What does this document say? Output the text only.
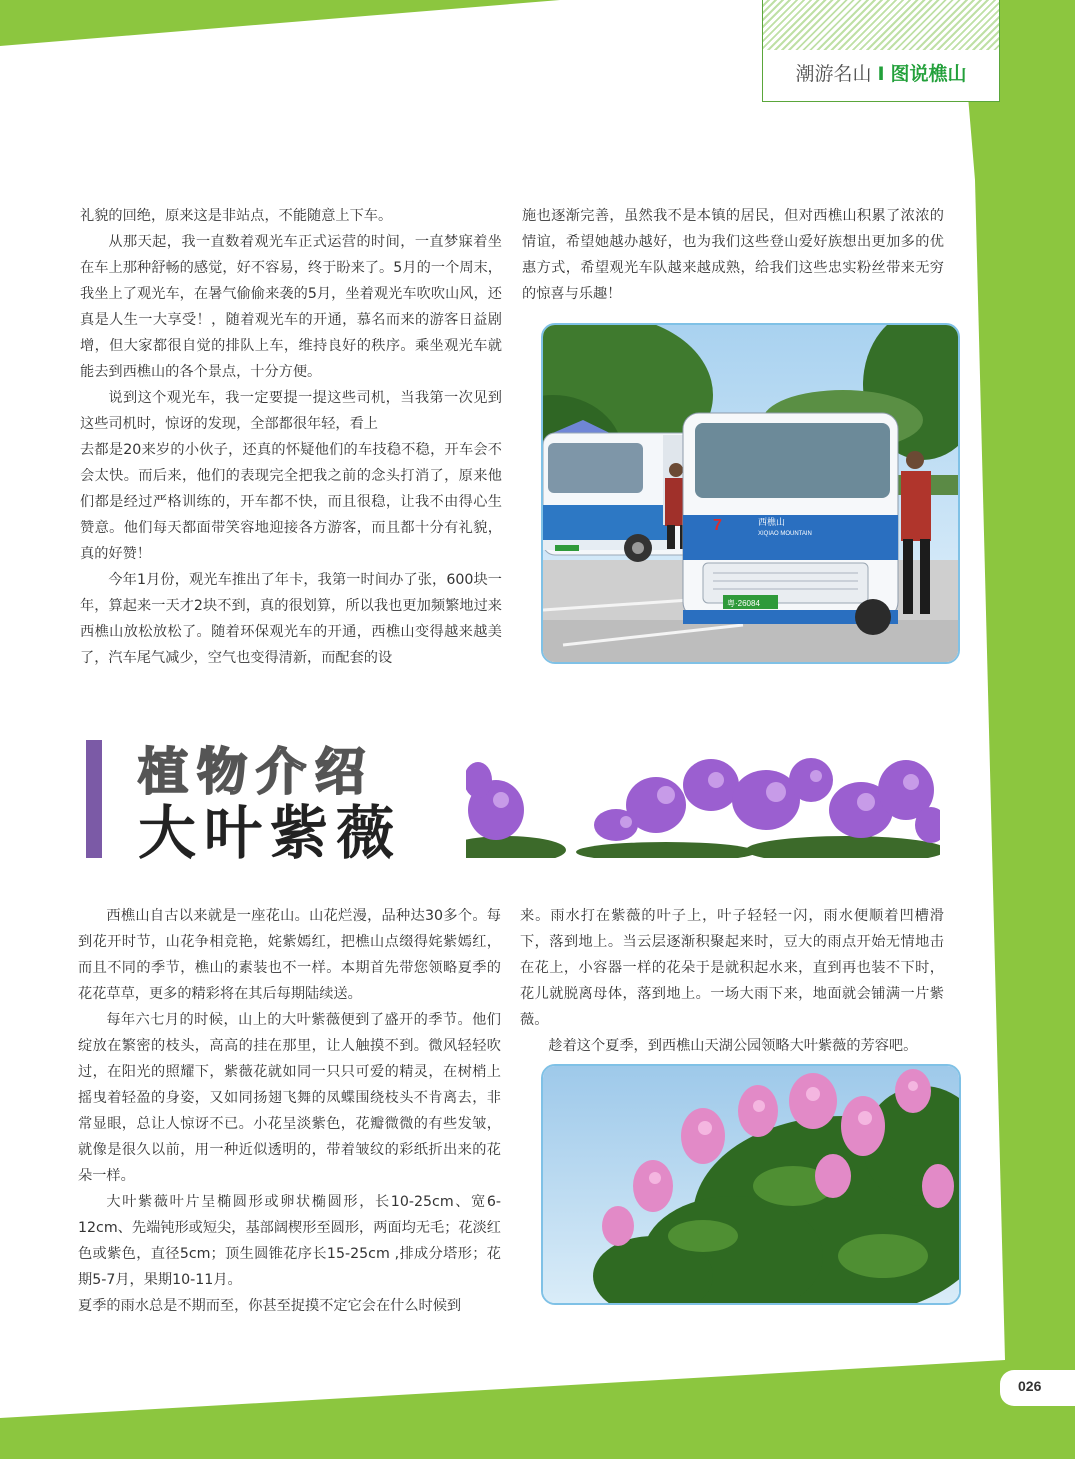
潮游名山 I 图说樵山

礼貌的回绝，原来这是非站点，不能随意上下车。

从那天起，我一直数着观光车正式运营的时间，一直梦寐着坐在车上那种舒畅的感觉，好不容易，终于盼来了。5月的一个周末，我坐上了观光车，在暑气偷偷来袭的5月，坐着观光车吹吹山风，还真是人生一大享受！，随着观光车的开通，慕名而来的游客日益剧增，但大家都很自觉的排队上车，维持良好的秩序。乘坐观光车就能去到西樵山的各个景点，十分方便。

说到这个观光车，我一定要提一提这些司机，当我第一次见到这些司机时，惊讶的发现，全部都很年轻，看上

去都是20来岁的小伙子，还真的怀疑他们的车技稳不稳，开车会不会太快。而后来，他们的表现完全把我之前的念头打消了，原来他们都是经过严格训练的，开车都不快，而且很稳，让我不由得心生赞意。他们每天都面带笑容地迎接各方游客，而且都十分有礼貌，真的好赞！

今年1月份，观光车推出了年卡，我第一时间办了张，600块一年，算起来一天才2块不到，真的很划算，所以我也更加频繁地过来西樵山放松放松了。随着环保观光车的开通，西樵山变得越来越美了，汽车尾气减少，空气也变得清新，而配套的设

施也逐渐完善，虽然我不是本镇的居民，但对西樵山积累了浓浓的情谊，希望她越办越好，也为我们这些登山爱好族想出更加多的优惠方式，希望观光车队越来越成熟，给我们这些忠实粉丝带来无穷的惊喜与乐趣！

7	西樵山
XIQIAO MOUNTAIN
粤·26084
植物介绍
大叶紫薇

西樵山自古以来就是一座花山。山花烂漫，品种达30多个。每到花开时节，山花争相竞艳，姹紫嫣红，把樵山点缀得姹紫嫣红，而且不同的季节，樵山的素装也不一样。本期首先带您领略夏季的花花草草，更多的精彩将在其后每期陆续送。

每年六七月的时候，山上的大叶紫薇便到了盛开的季节。他们绽放在繁密的枝头，高高的挂在那里，让人触摸不到。微风轻轻吹过，在阳光的照耀下，紫薇花就如同一只只可爱的精灵，在树梢上摇曳着轻盈的身姿，又如同扬翅飞舞的凤蝶围绕枝头不肯离去，非常显眼，总让人惊讶不已。小花呈淡紫色，花瓣微微的有些发皱，就像是很久以前，用一种近似透明的，带着皱纹的彩纸折出来的花朵一样。

大叶紫薇叶片呈椭圆形或卵状椭圆形，长10-25cm、宽6-12cm、先端钝形或短尖，基部阔楔形至圆形，两面均无毛；花淡红色或紫色，直径5cm；顶生圆锥花序长15-25cm ,排成分塔形；花期5-7月，果期10-11月。

夏季的雨水总是不期而至，你甚至捉摸不定它会在什么时候到

来。雨水打在紫薇的叶子上，叶子轻轻一闪，雨水便顺着凹槽滑下，落到地上。当云层逐渐积聚起来时，豆大的雨点开始无情地击在花上，小容器一样的花朵于是就积起水来，直到再也装不下时，花儿就脱离母体，落到地上。一场大雨下来，地面就会铺满一片紫薇。

趁着这个夏季，到西樵山天湖公园领略大叶紫薇的芳容吧。

026
